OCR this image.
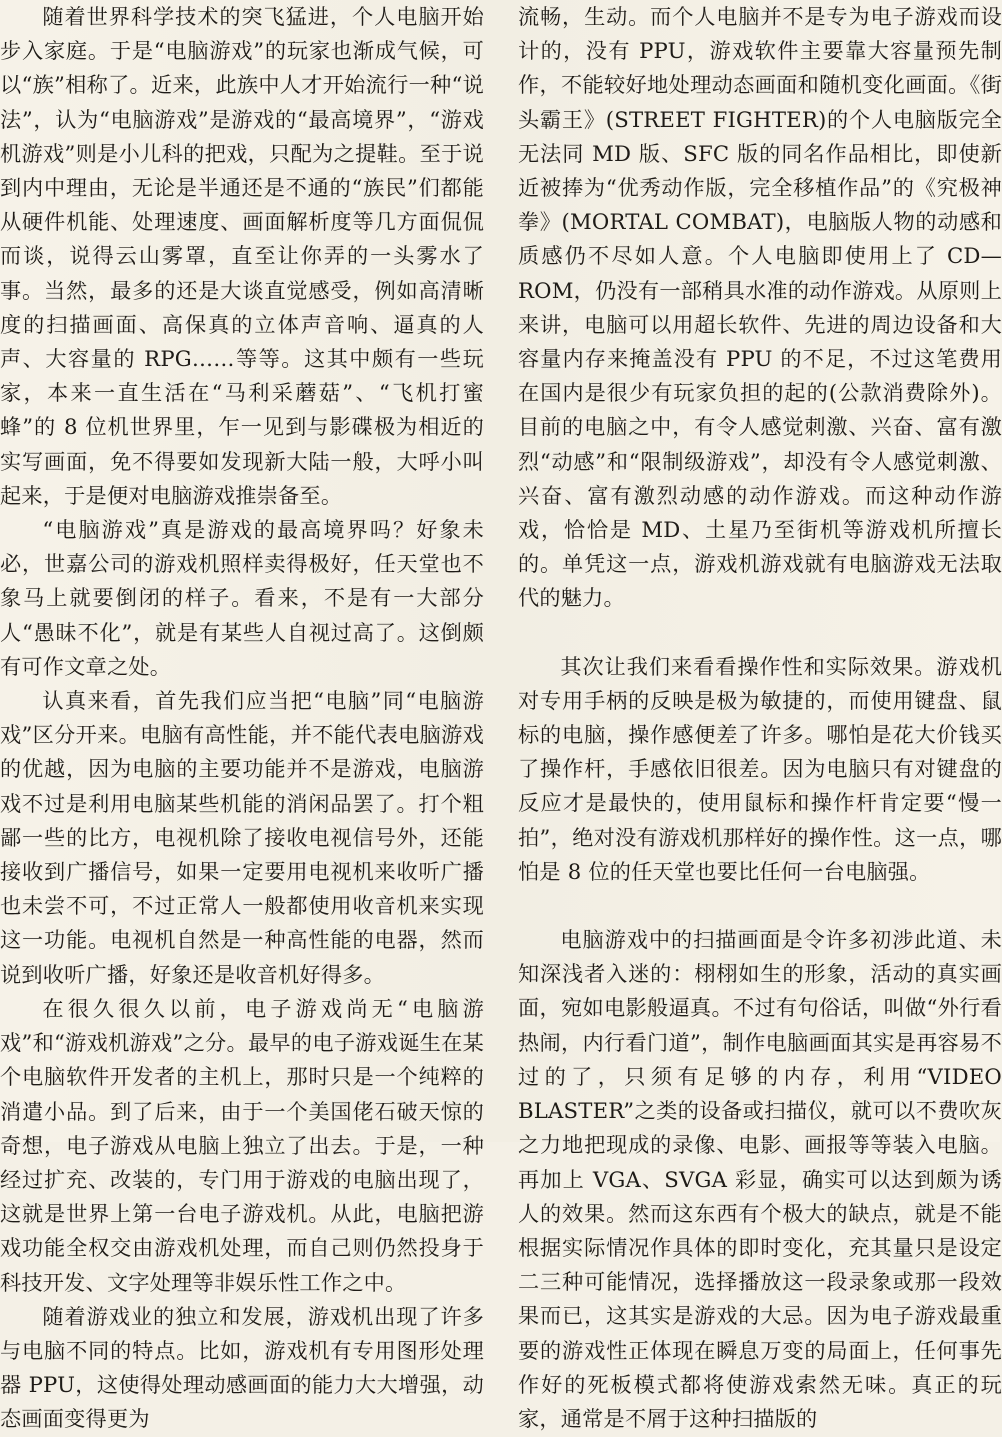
随着世界科学技术的突飞猛进，个人电脑开始步入家庭。于是“电脑游戏”的玩家也渐成气候，可以“族”相称了。近来，此族中人才开始流行一种“说法”，认为“电脑游戏”是游戏的“最高境界”，“游戏机游戏”则是小儿科的把戏，只配为之提鞋。至于说到内中理由，无论是半通还是不通的“族民”们都能从硬件机能、处理速度、画面解析度等几方面侃侃而谈，说得云山雾罩，直至让你弄的一头雾水了事。当然，最多的还是大谈直觉感受，例如高清晰度的扫描画面、高保真的立体声音响、逼真的人声、大容量的 RPG……等等。这其中颇有一些玩家，本来一直生活在“马利采蘑菇”、“飞机打蜜蜂”的 8 位机世界里，乍一见到与影碟极为相近的实写画面，免不得要如发现新大陆一般，大呼小叫起来，于是便对电脑游戏推崇备至。

“电脑游戏”真是游戏的最高境界吗？好象未必，世嘉公司的游戏机照样卖得极好，任天堂也不象马上就要倒闭的样子。看来，不是有一大部分人“愚昧不化”，就是有某些人自视过高了。这倒颇有可作文章之处。

认真来看，首先我们应当把“电脑”同“电脑游戏”区分开来。电脑有高性能，并不能代表电脑游戏的优越，因为电脑的主要功能并不是游戏，电脑游戏不过是利用电脑某些机能的消闲品罢了。打个粗鄙一些的比方，电视机除了接收电视信号外，还能接收到广播信号，如果一定要用电视机来收听广播也未尝不可，不过正常人一般都使用收音机来实现这一功能。电视机自然是一种高性能的电器，然而说到收听广播，好象还是收音机好得多。

在很久很久以前，电子游戏尚无“电脑游戏”和“游戏机游戏”之分。最早的电子游戏诞生在某个电脑软件开发者的主机上，那时只是一个纯粹的消遣小品。到了后来，由于一个美国佬石破天惊的奇想，电子游戏从电脑上独立了出去。于是，一种经过扩充、改装的，专门用于游戏的电脑出现了，这就是世界上第一台电子游戏机。从此，电脑把游戏功能全权交由游戏机处理，而自己则仍然投身于科技开发、文字处理等非娱乐性工作之中。

随着游戏业的独立和发展，游戏机出现了许多与电脑不同的特点。比如，游戏机有专用图形处理器 PPU，这使得处理动感画面的能力大大增强，动态画面变得更为

流畅，生动。而个人电脑并不是专为电子游戏而设计的，没有 PPU，游戏软件主要靠大容量预先制作，不能较好地处理动态画面和随机变化画面。《街头霸王》(STREET FIGHTER)的个人电脑版完全无法同 MD 版、SFC 版的同名作品相比，即使新近被捧为“优秀动作版，完全移植作品”的《究极神拳》(MORTAL COMBAT)，电脑版人物的动感和质感仍不尽如人意。个人电脑即使用上了 CD—ROM，仍没有一部稍具水准的动作游戏。从原则上来讲，电脑可以用超长软件、先进的周边设备和大容量内存来掩盖没有 PPU 的不足，不过这笔费用在国内是很少有玩家负担的起的(公款消费除外)。目前的电脑之中，有令人感觉刺激、兴奋、富有激烈“动感”和“限制级游戏”，却没有令人感觉刺激、兴奋、富有激烈动感的动作游戏。而这种动作游戏，恰恰是 MD、土星乃至街机等游戏机所擅长的。单凭这一点，游戏机游戏就有电脑游戏无法取代的魅力。

其次让我们来看看操作性和实际效果。游戏机对专用手柄的反映是极为敏捷的，而使用键盘、鼠标的电脑，操作感便差了许多。哪怕是花大价钱买了操作杆，手感依旧很差。因为电脑只有对键盘的反应才是最快的，使用鼠标和操作杆肯定要“慢一拍”，绝对没有游戏机那样好的操作性。这一点，哪怕是 8 位的任天堂也要比任何一台电脑强。

电脑游戏中的扫描画面是令许多初涉此道、未知深浅者入迷的：栩栩如生的形象，活动的真实画面，宛如电影般逼真。不过有句俗话，叫做“外行看热闹，内行看门道”，制作电脑画面其实是再容易不过的了，只须有足够的内存，利用“VIDEO BLASTER”之类的设备或扫描仪，就可以不费吹灰之力地把现成的录像、电影、画报等等装入电脑。再加上 VGA、SVGA 彩显，确实可以达到颇为诱人的效果。然而这东西有个极大的缺点，就是不能根据实际情况作具体的即时变化，充其量只是设定二三种可能情况，选择播放这一段录象或那一段效果而已，这其实是游戏的大忌。因为电子游戏最重要的游戏性正体现在瞬息万变的局面上，任何事先作好的死板模式都将使游戏索然无味。真正的玩家，通常是不屑于这种扫描版的
